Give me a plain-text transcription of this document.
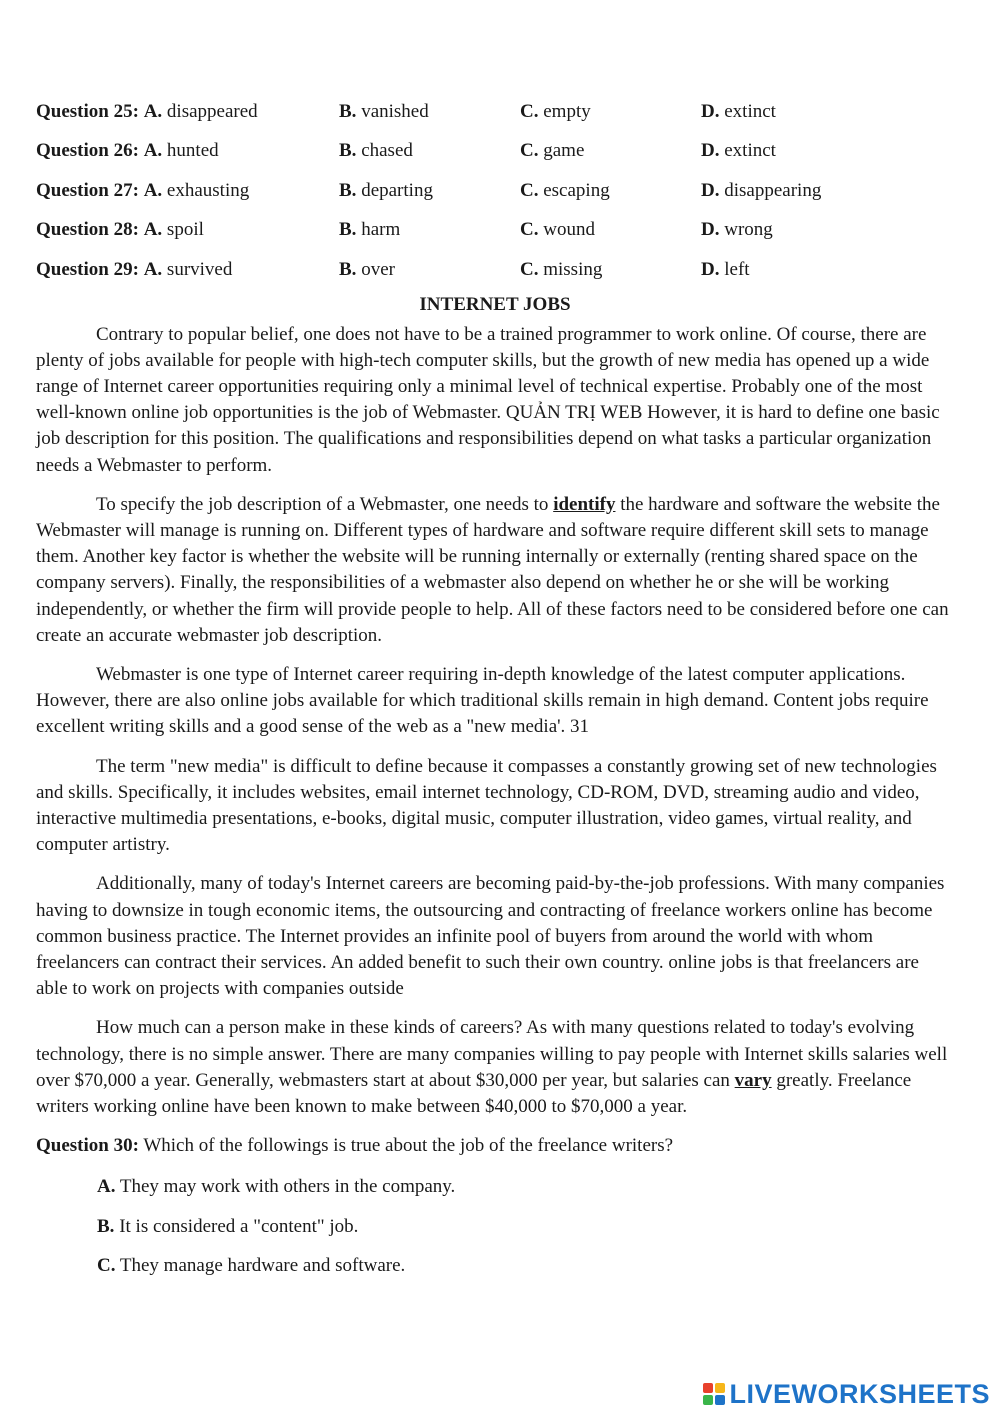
Question 25: A. disappeared	B. vanished	C. empty	D. extinct
Question 26: A. hunted	B. chased	C. game	D. extinct
Question 27: A. exhausting	B. departing	C. escaping	D. disappearing
Question 28: A. spoil	B. harm	C. wound	D. wrong
Question 29: A. survived	B. over	C. missing	D. left
INTERNET JOBS

Contrary to popular belief, one does not have to be a trained programmer to work online. Of course, there are plenty of jobs available for people with high-tech computer skills, but the growth of new media has opened up a wide range of Internet career opportunities requiring only a minimal level of technical expertise. Probably one of the most well-known online job opportunities is the job of Webmaster. QUẢN TRỊ WEB However, it is hard to define one basic job description for this position. The qualifications and responsibilities depend on what tasks a particular organization needs a Webmaster to perform.

To specify the job description of a Webmaster, one needs to identify the hardware and software the website the Webmaster will manage is running on. Different types of hardware and software require different skill sets to manage them. Another key factor is whether the website will be running internally or externally (renting shared space on the company servers). Finally, the responsibilities of a webmaster also depend on whether he or she will be working independently, or whether the firm will provide people to help. All of these factors need to be considered before one can create an accurate webmaster job description.

Webmaster is one type of Internet career requiring in-depth knowledge of the latest computer applications. However, there are also online jobs available for which traditional skills remain in high demand. Content jobs require excellent writing skills and a good sense of the web as a "new media'. 31

The term "new media" is difficult to define because it compasses a constantly growing set of new technologies and skills. Specifically, it includes websites, email internet technology, CD-ROM, DVD, streaming audio and video, interactive multimedia presentations, e-books, digital music, computer illustration, video games, virtual reality, and computer artistry.

Additionally, many of today's Internet careers are becoming paid-by-the-job professions. With many companies having to downsize in tough economic items, the outsourcing and contracting of freelance workers online has become common business practice. The Internet provides an infinite pool of buyers from around the world with whom freelancers can contract their services. An added benefit to such their own country. online jobs is that freelancers are able to work on projects with companies outside

How much can a person make in these kinds of careers? As with many questions related to today's evolving technology, there is no simple answer. There are many companies willing to pay people with Internet skills salaries well over $70,000 a year. Generally, webmasters start at about $30,000 per year, but salaries can vary greatly. Freelance writers working online have been known to make between $40,000 to $70,000 a year.

Question 30: Which of the followings is true about the job of the freelance writers?

A. They may work with others in the company.
B. It is considered a "content" job.
C. They manage hardware and software.
LIVEWORKSHEETS
